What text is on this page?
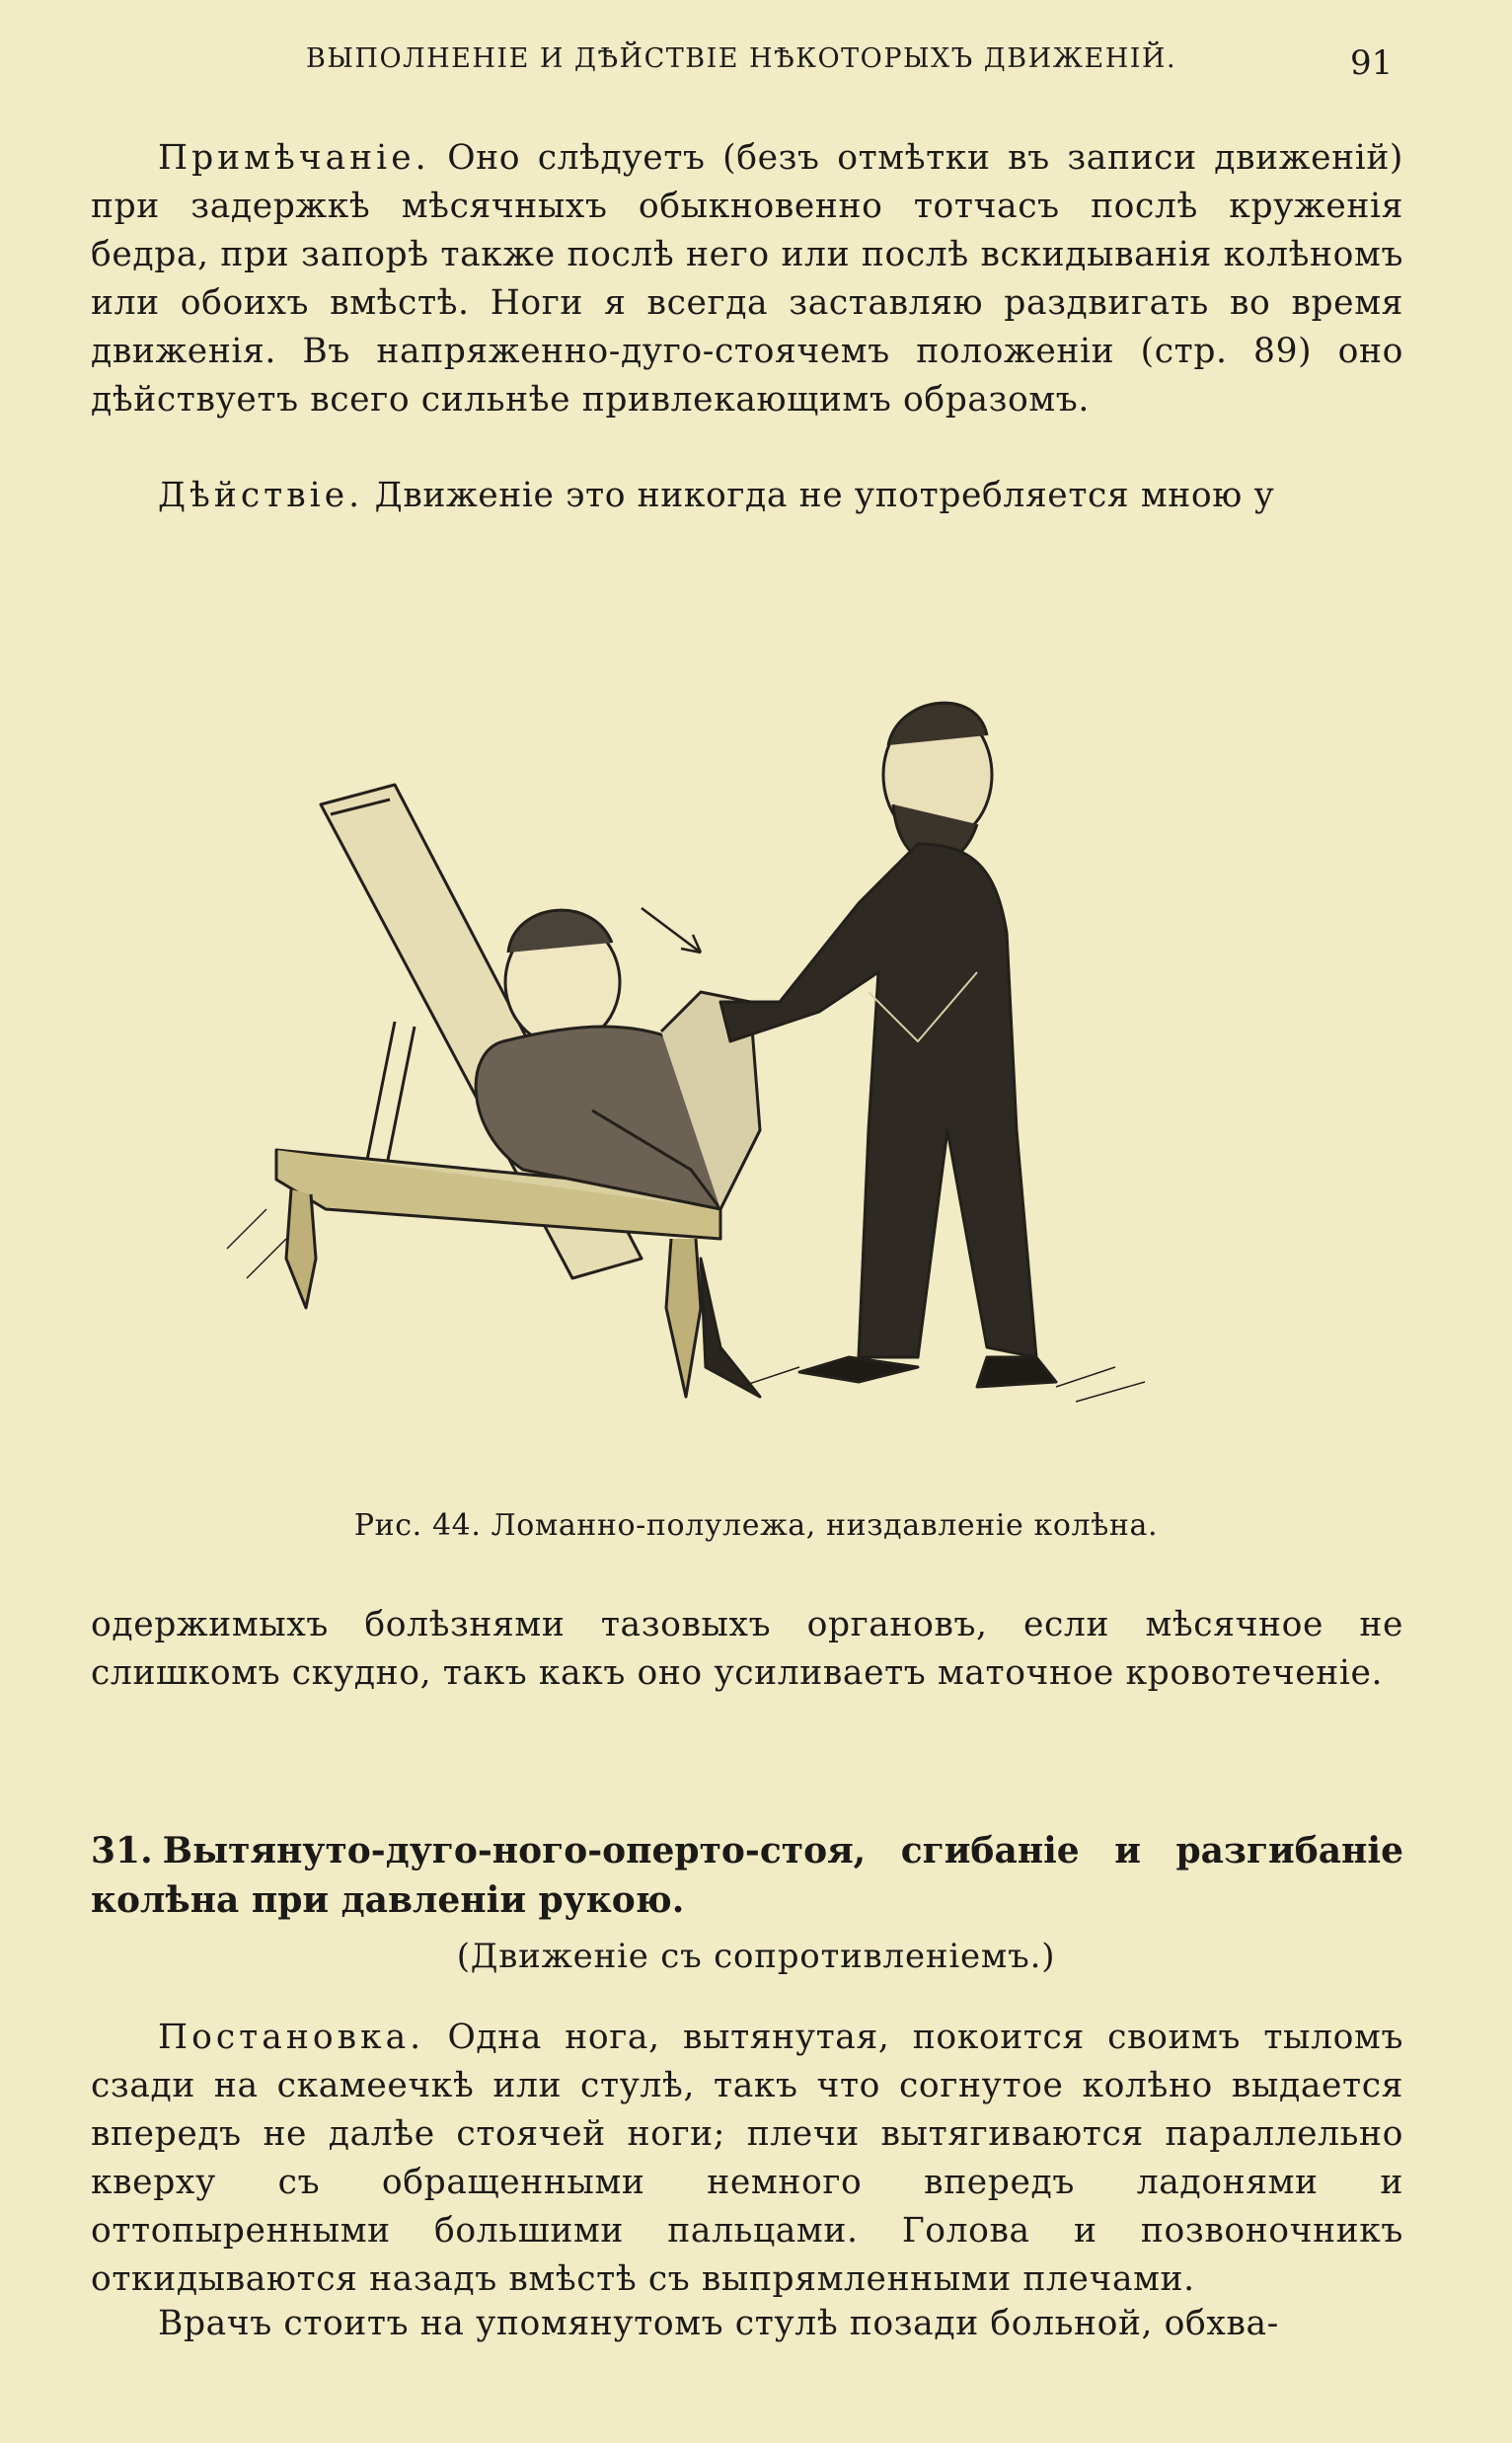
ВЫПОЛНЕНІЕ И ДѢЙСТВІЕ НѢКОТОРЫХЪ ДВИЖЕНІЙ.	91

Примѣчаніе. Оно слѣдуетъ (безъ отмѣтки въ записи движеній) при задержкѣ мѣсячныхъ обыкновенно тотчасъ послѣ круженія бедра, при запорѣ также послѣ него или послѣ вскидыванія колѣномъ или обоихъ вмѣстѣ. Ноги я всегда заставляю раздвигать во время движенія. Въ напряженно-дуго-стоячемъ положеніи (стр. 89) оно дѣйствуетъ всего сильнѣе привлекающимъ образомъ.

Дѣйствіе. Движеніе это никогда не употребляется мною у

Рис. 44. Ломанно-полулежа, низдавленіе колѣна.

одержимыхъ болѣзнями тазовыхъ органовъ, если мѣсячное не слишкомъ скудно, такъ какъ оно усиливаетъ маточное кровотеченіе.

31. Вытянуто-дуго-ного-оперто-стоя, сгибаніе и разгибаніе колѣна при давленіи рукою.
(Движеніе съ сопротивленіемъ.)

Постановка. Одна нога, вытянутая, покоится своимъ тыломъ сзади на скамеечкѣ или стулѣ, такъ что согнутое колѣно выдается впередъ не далѣе стоячей ноги; плечи вытягиваются параллельно кверху съ обращенными немного впередъ ладонями и оттопыренными большими пальцами. Голова и позвоночникъ откидываются назадъ вмѣстѣ съ выпрямленными плечами.

Врачъ стоитъ на упомянутомъ стулѣ позади больной, обхва-
